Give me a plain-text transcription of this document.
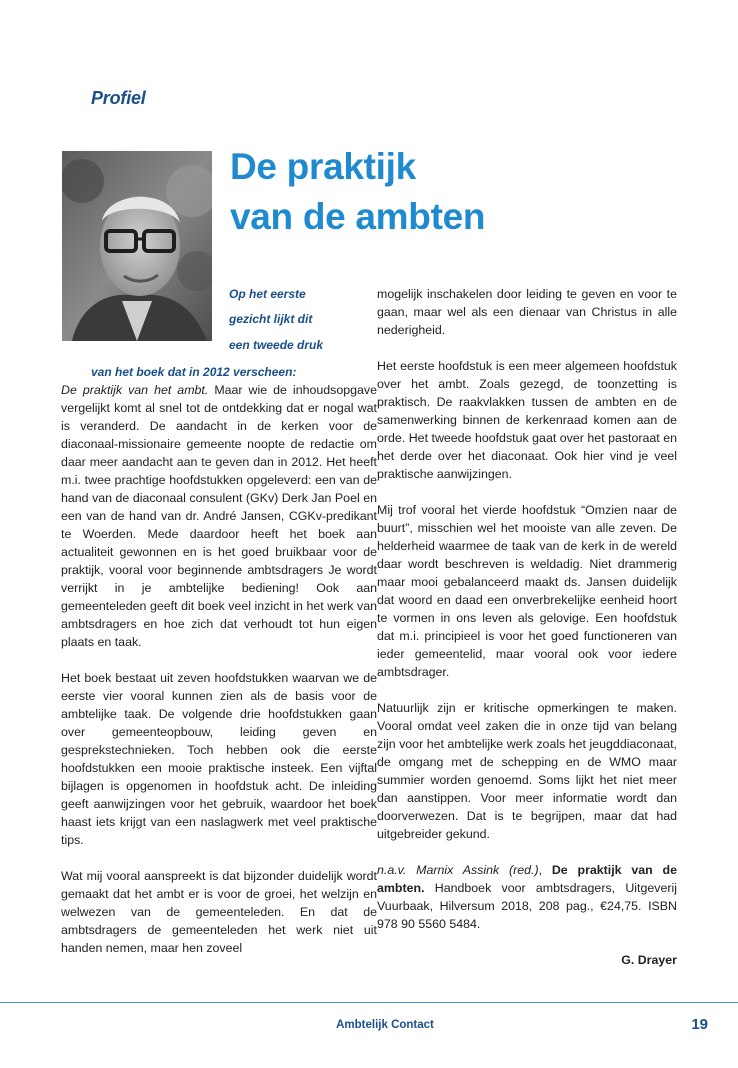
Profiel
De praktijk
van de ambten
Op het eerste
gezicht lijkt dit
een tweede druk
van het boek dat in 2012 verscheen:

De praktijk van het ambt. Maar wie de inhoudsopgave vergelijkt komt al snel tot de ontdekking dat er nogal wat is veranderd. De aandacht in de kerken voor de diaconaal-missionaire gemeente noopte de redactie om daar meer aandacht aan te geven dan in 2012. Het heeft m.i. twee prachtige hoofdstukken opgeleverd: een van de hand van de diaconaal consulent (GKv) Derk Jan Poel en een van de hand van dr. André Jansen, CGKv-predikant te Woerden. Mede daardoor heeft het boek aan actualiteit gewonnen en is het goed bruikbaar voor de praktijk, vooral voor beginnende ambtsdragers Je wordt verrijkt in je ambtelijke bediening! Ook aan gemeenteleden geeft dit boek veel inzicht in het werk van ambtsdragers en hoe zich dat verhoudt tot hun eigen plaats en taak.

Het boek bestaat uit zeven hoofdstukken waarvan we de eerste vier vooral kunnen zien als de basis voor de ambtelijke taak. De volgende drie hoofdstukken gaan over gemeenteopbouw, leiding geven en gesprekstechnieken. Toch hebben ook die eerste hoofdstukken een mooie praktische insteek. Een vijftal bijlagen is opgenomen in hoofdstuk acht. De inleiding geeft aanwijzingen voor het gebruik, waardoor het boek haast iets krijgt van een naslagwerk met veel praktische tips.

Wat mij vooral aanspreekt is dat bijzonder duidelijk wordt gemaakt dat het ambt er is voor de groei, het welzijn en welwezen van de gemeenteleden. En dat de ambtsdragers de gemeenteleden het werk niet uit handen nemen, maar hen zoveel

mogelijk inschakelen door leiding te geven en voor te gaan, maar wel als een dienaar van Christus in alle nederigheid.

Het eerste hoofdstuk is een meer algemeen hoofdstuk over het ambt. Zoals gezegd, de toonzetting is praktisch. De raakvlakken tussen de ambten en de samenwerking binnen de kerkenraad komen aan de orde. Het tweede hoofdstuk gaat over het pastoraat en het derde over het diaconaat. Ook hier vind je veel praktische aanwijzingen.

Mij trof vooral het vierde hoofdstuk “Omzien naar de buurt”, misschien wel het mooiste van alle zeven. De helderheid waarmee de taak van de kerk in de wereld daar wordt beschreven is weldadig. Niet drammerig maar mooi gebalanceerd maakt ds. Jansen duidelijk dat woord en daad een onverbrekelijke eenheid hoort te vormen in ons leven als gelovige. Een hoofdstuk dat m.i. principieel is voor het goed functioneren van ieder gemeentelid, maar vooral ook voor iedere ambtsdrager.

Natuurlijk zijn er kritische opmerkingen te maken. Vooral omdat veel zaken die in onze tijd van belang zijn voor het ambtelijke werk zoals het jeugddiaconaat, de omgang met de schepping en de WMO maar summier worden genoemd. Soms lijkt het niet meer dan aanstippen. Voor meer informatie wordt dan doorverwezen. Dat is te begrijpen, maar dat had uitgebreider gekund.

n.a.v. Marnix Assink (red.), De praktijk van de ambten. Handboek voor ambtsdragers, Uitgeverij Vuurbaak, Hilversum 2018, 208 pag., €24,75. ISBN 978 90 5560 5484.

G. Drayer

Ambtelijk Contact	19
